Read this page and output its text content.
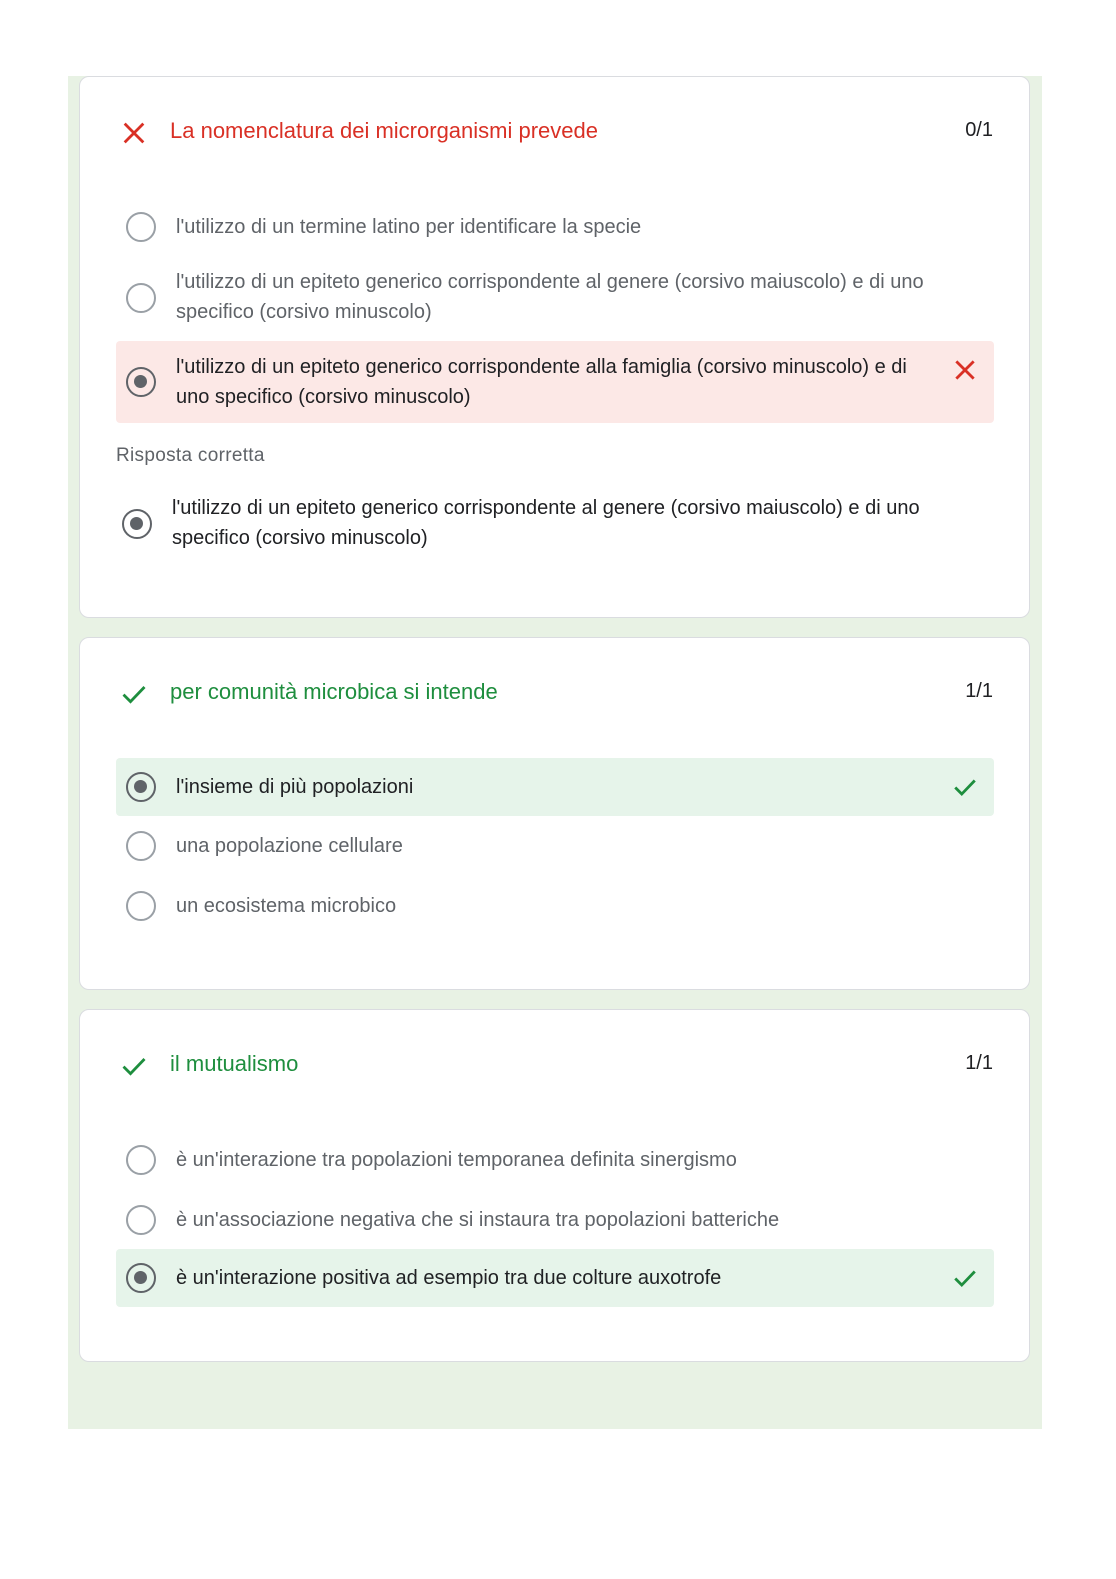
La nomenclatura dei microrganismi prevede	0/1
l'utilizzo di un termine latino per identificare la specie
l'utilizzo di un epiteto generico corrispondente al genere (corsivo maiuscolo) e di uno specifico (corsivo minuscolo)
l'utilizzo di un epiteto generico corrispondente alla famiglia (corsivo minuscolo) e di uno specifico (corsivo minuscolo)
Risposta corretta
l'utilizzo di un epiteto generico corrispondente al genere (corsivo maiuscolo) e di uno specifico (corsivo minuscolo)
per comunità microbica si intende	1/1
l'insieme di più popolazioni
una popolazione cellulare
un ecosistema microbico
il mutualismo	1/1
è un'interazione tra popolazioni temporanea definita sinergismo
è un'associazione negativa che si instaura tra popolazioni batteriche
è un'interazione positiva ad esempio tra due colture auxotrofe
